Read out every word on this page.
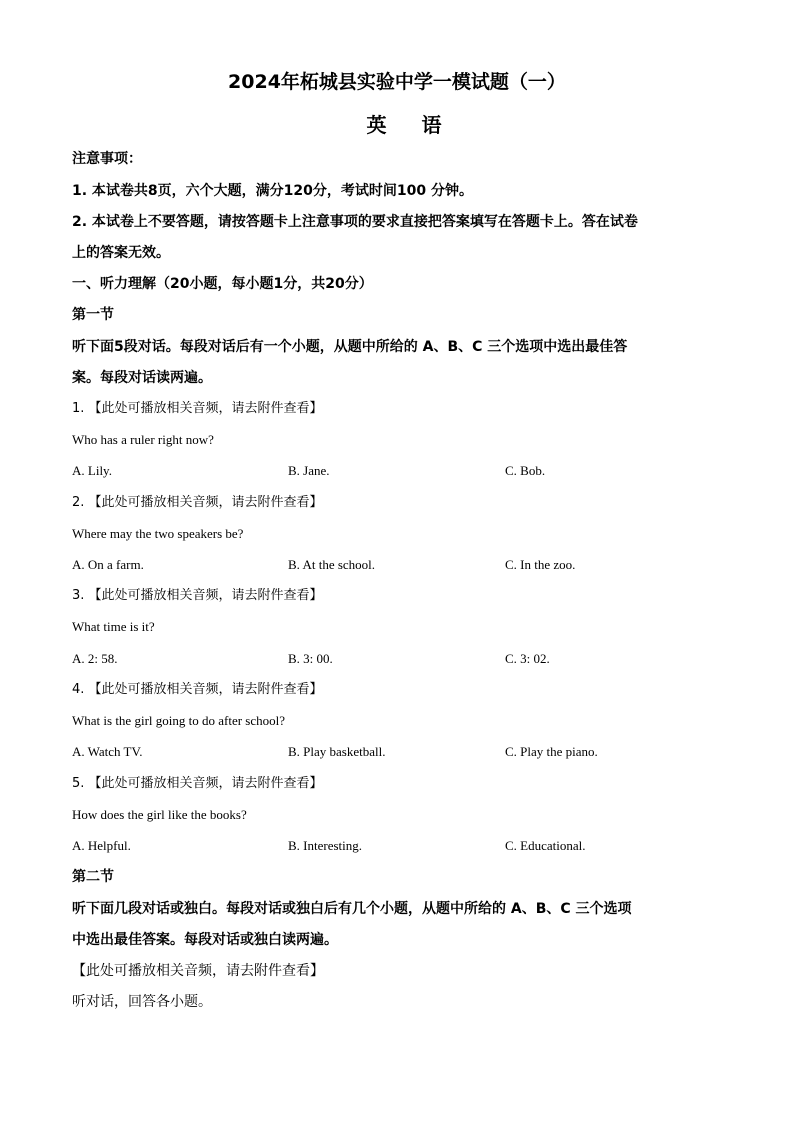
2024年柘城县实验中学一模试题（一）
英 语
注意事项：
1. 本试卷共8页，六个大题，满分120分，考试时间100 分钟。
2. 本试卷上不要答题，请按答题卡上注意事项的要求直接把答案填写在答题卡上。答在试卷
上的答案无效。
一、听力理解（20小题，每小题1分，共20分）
第一节
听下面5段对话。每段对话后有一个小题，从题中所给的 A、B、C 三个选项中选出最佳答
案。每段对话读两遍。
1. 【此处可播放相关音频，请去附件查看】
Who has a ruler right now?
A. Lily.	B. Jane.	C. Bob.
2. 【此处可播放相关音频，请去附件查看】
Where may the two speakers be?
A. On a farm.	B. At the school.	C. In the zoo.
3. 【此处可播放相关音频，请去附件查看】
What time is it?
A. 2: 58.	B. 3: 00.	C. 3: 02.
4. 【此处可播放相关音频，请去附件查看】
What is the girl going to do after school?
A. Watch TV.	B. Play basketball.	C. Play the piano.
5. 【此处可播放相关音频，请去附件查看】
How does the girl like the books?
A. Helpful.	B. Interesting.	C. Educational.
第二节
听下面几段对话或独白。每段对话或独白后有几个小题，从题中所给的 A、B、C 三个选项
中选出最佳答案。每段对话或独白读两遍。
【此处可播放相关音频，请去附件查看】
听对话，回答各小题。
